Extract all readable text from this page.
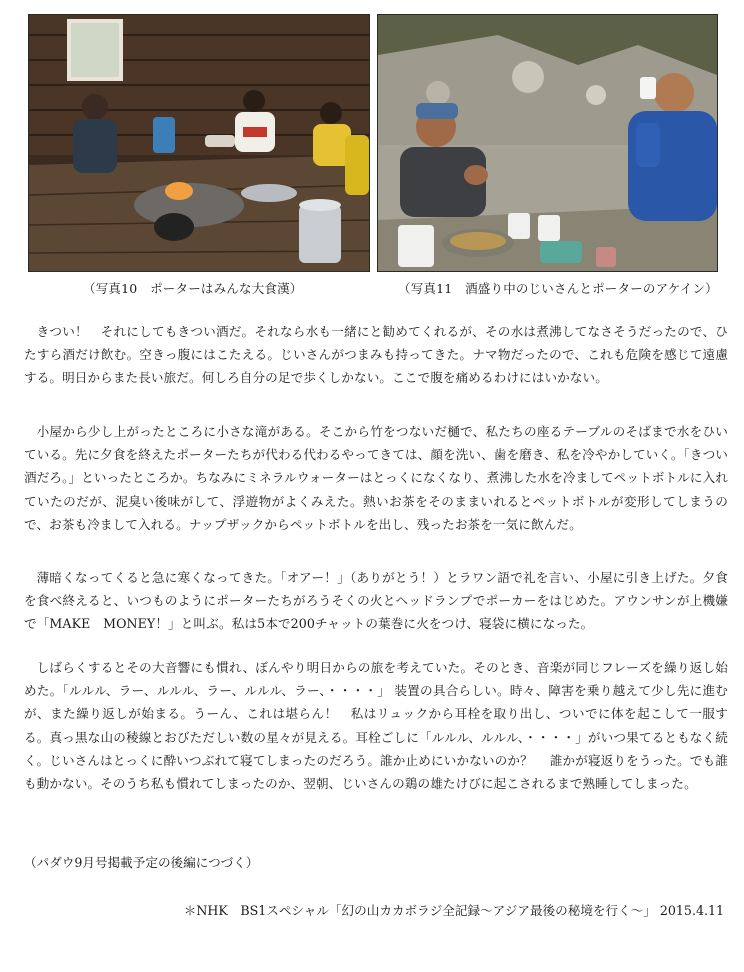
（写真10　ポーターはみんな大食漢）	（写真11　酒盛り中のじいさんとポーターのアケイン）

きつい！　それにしてもきつい酒だ。それなら水も一緒にと勧めてくれるが、その水は煮沸してなさそうだったので、ひたすら酒だけ飲む。空きっ腹にはこたえる。じいさんがつまみも持ってきた。ナマ物だったので、これも危険を感じて遠慮する。明日からまた長い旅だ。何しろ自分の足で歩くしかない。ここで腹を痛めるわけにはいかない。

小屋から少し上がったところに小さな滝がある。そこから竹をつないだ樋で、私たちの座るテーブルのそばまで水をひいている。先に夕食を終えたポーターたちが代わる代わるやってきては、顔を洗い、歯を磨き、私を冷やかしていく。「きつい酒だろ。」といったところか。ちなみにミネラルウォーターはとっくになくなり、煮沸した水を冷ましてペットボトルに入れていたのだが、泥臭い後味がして、浮遊物がよくみえた。熱いお茶をそのままいれるとペットボトルが変形してしまうので、お茶も冷まして入れる。ナップザックからペットボトルを出し、残ったお茶を一気に飲んだ。

薄暗くなってくると急に寒くなってきた。「オアー！」（ありがとう！）とラワン語で礼を言い、小屋に引き上げた。夕食を食べ終えると、いつものようにポーターたちがろうそくの火とヘッドランプでポーカーをはじめた。アウンサンが上機嫌で「MAKE　MONEY！」と叫ぶ。私は5本で200チャットの葉巻に火をつけ、寝袋に横になった。

しばらくするとその大音響にも慣れ、ぼんやり明日からの旅を考えていた。そのとき、音楽が同じフレーズを繰り返し始めた。「ルルル、ラー、ルルル、ラー、ルルル、ラー、・・・・」 装置の具合らしい。時々、障害を乗り越えて少し先に進むが、また繰り返しが始まる。うーん、これは堪らん！　私はリュックから耳栓を取り出し、ついでに体を起こして一服する。真っ黒な山の稜線とおびただしい数の星々が見える。耳栓ごしに「ルルル、ルルル、・・・・」がいつ果てるともなく続く。じいさんはとっくに酔いつぶれて寝てしまったのだろう。誰か止めにいかないのか？　 誰かが寝返りをうった。でも誰も動かない。そのうち私も慣れてしまったのか、翌朝、じいさんの鶏の雄たけびに起こされるまで熟睡してしまった。

（パダウ9月号掲載予定の後編につづく）
＊NHK　BS1スペシャル「幻の山カカボラジ全記録～アジア最後の秘境を行く～」 2015.4.11
